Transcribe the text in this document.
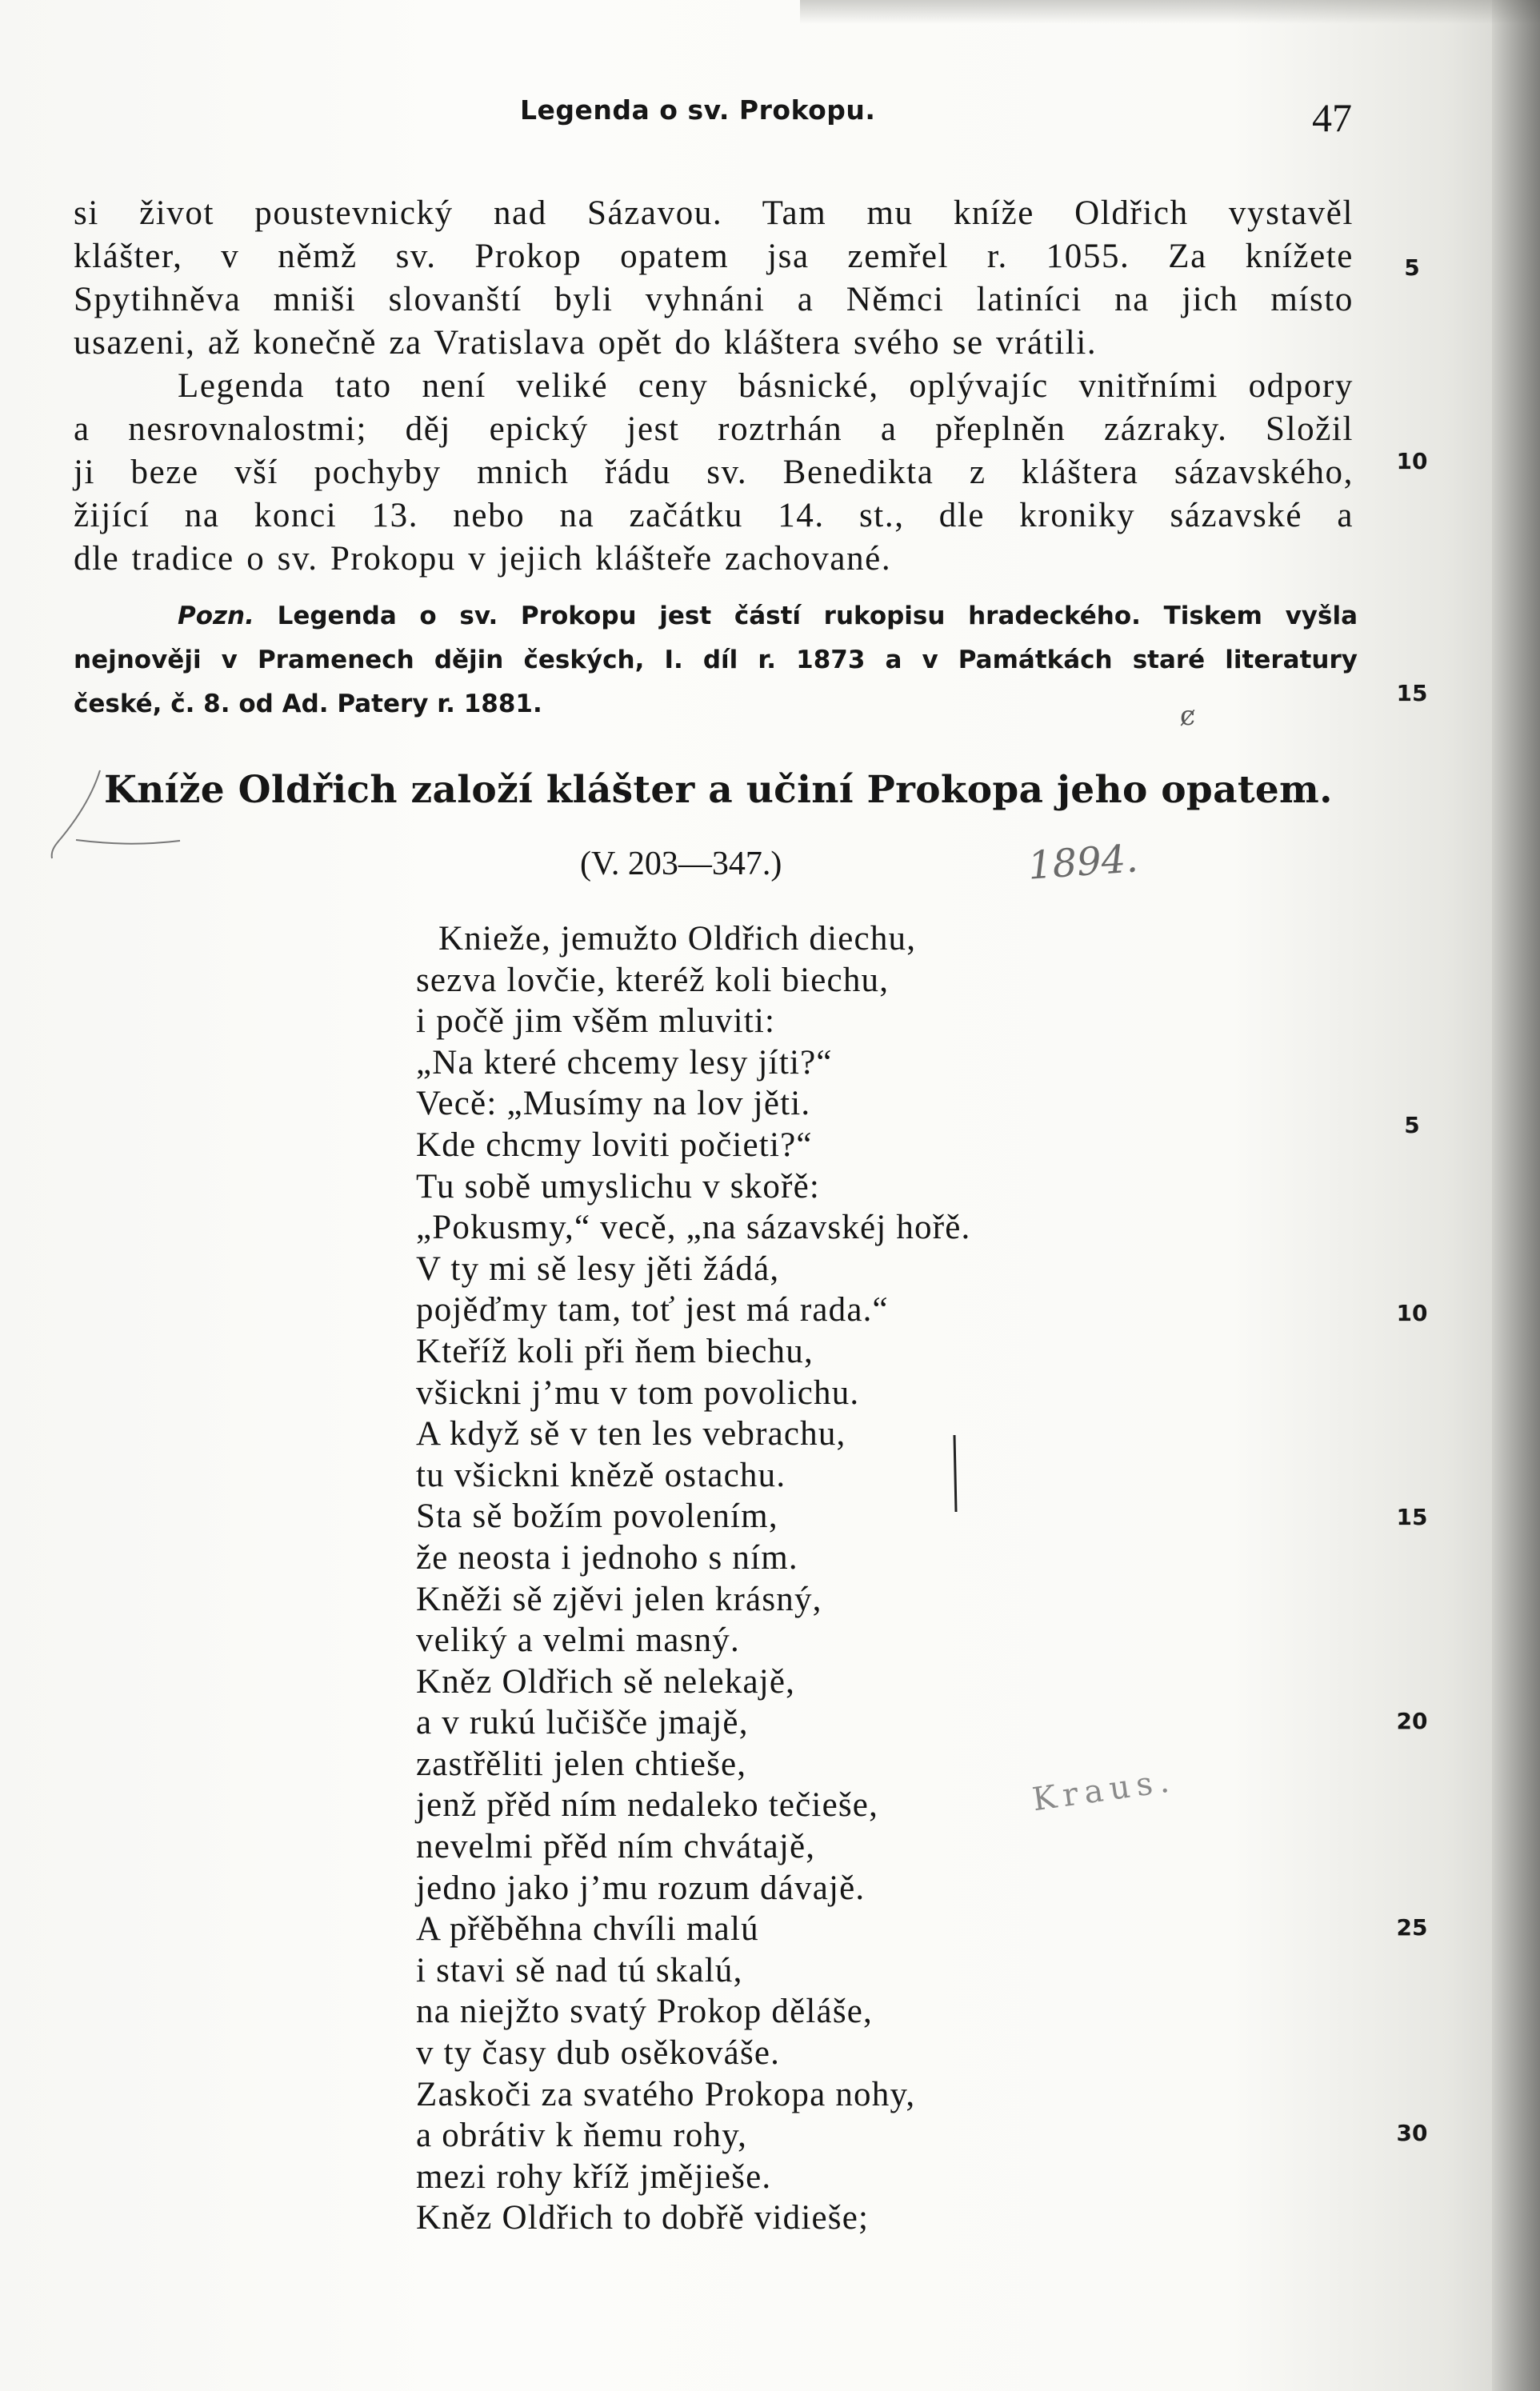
Legenda o sv. Prokopu.	47
si život poustevnický nad Sázavou. Tam mu kníže Oldřich vystavěl
klášter, v němž sv. Prokop opatem jsa zemřel r. 1055. Za knížete
Spytihněva mniši slovanští byli vyhnáni a Němci latiníci na jich místo
usazeni, až konečně za Vratislava opět do kláštera svého se vrátili.
Legenda tato není veliké ceny básnické, oplývajíc vnitřními odpory
a nesrovnalostmi; děj epický jest roztrhán a přeplněn zázraky. Složil
ji beze vší pochyby mnich řádu sv. Benedikta z kláštera sázavského,
žijící na konci 13. nebo na začátku 14. st., dle kroniky sázavské a
dle tradice o sv. Prokopu v jejich klášteře zachované.
5
10
Pozn. Legenda o sv. Prokopu jest částí rukopisu hradeckého. Tiskem vyšla
nejnověji v Pramenech dějin českých, I. díl r. 1873 a v Památkách staré literatury
české, č. 8. od Ad. Patery r. 1881.	15
ȼ
Kníže Oldřich založí klášter a učiní Prokopa jeho opatem.
(V. 203—347.)	1894.
Knieže, jemužto Oldřich diechu,
sezva lovčie, kteréž koli biechu,
i počě jim všěm mluviti:
„Na které chcemy lesy jíti?“
Vecě: „Musímy na lov jěti.
Kde chcmy loviti počieti?“
Tu sobě umyslichu v skořě:
„Pokusmy,“ vecě, „na sázavskéj hořě.
V ty mi sě lesy jěti žádá,
pojěďmy tam, toť jest má rada.“
Kteříž koli při ňem biechu,
všickni j’mu v tom povolichu.
A když sě v ten les vebrachu,
tu všickni knězě ostachu.
Sta sě božím povolením,
že neosta i jednoho s ním.
Kněži sě zjěvi jelen krásný,
veliký a velmi masný.
Kněz Oldřich sě nelekajě,
a v rukú lučišče jmajě,
zastřěliti jelen chtieše,
jenž přěd ním nedaleko tečieše,
nevelmi přěd ním chvátajě,
jedno jako j’mu rozum dávajě.
A přěběhna chvíli malú
i stavi sě nad tú skalú,
na niejžto svatý Prokop děláše,
v ty časy dub osěkováše.
Zaskoči za svatého Prokopa nohy,
a obrátiv k ňemu rohy,
mezi rohy kříž jmějieše.
Kněz Oldřich to dobřě vidieše;
Kraus.
5
10
15
20
25
30
